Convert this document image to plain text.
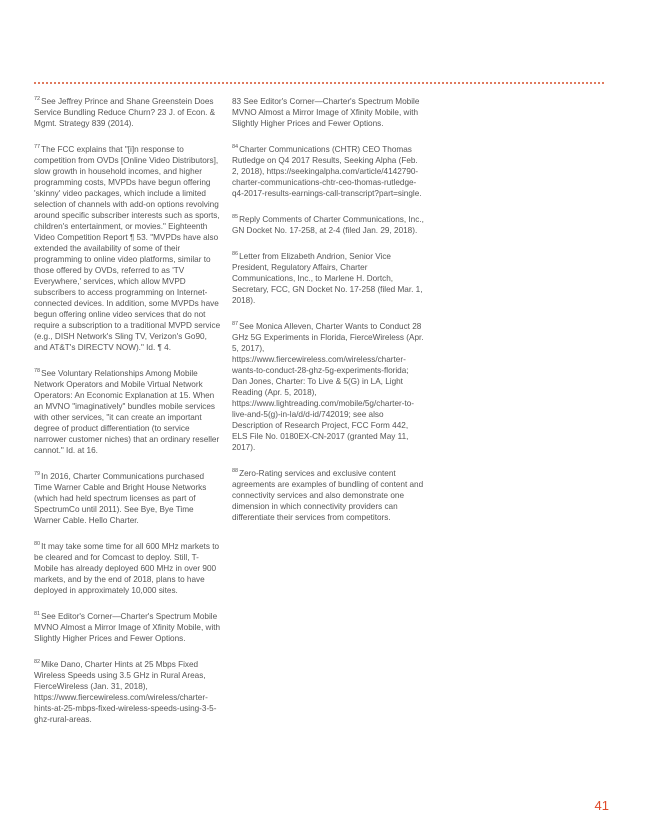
$^{72}$See Jeffrey Prince and Shane Greenstein Does Service Bundling Reduce Churn? 23 J. of Econ. & Mgmt. Strategy 839 (2014).

$^{77}$The FCC explains that "[i]n response to competition from OVDs [Online Video Distributors], slow growth in household incomes, and higher programming costs, MVPDs have begun offering 'skinny' video packages, which include a limited selection of channels with add-on options revolving around specific subscriber interests such as sports, children's entertainment, or movies." Eighteenth Video Competition Report ¶ 53. "MVPDs have also extended the availability of some of their programming to online video platforms, similar to those offered by OVDs, referred to as 'TV Everywhere,' services, which allow MVPD subscribers to access programming on Internet-connected devices. In addition, some MVPDs have begun offering online video services that do not require a subscription to a traditional MVPD service (e.g., DISH Network's Sling TV, Verizon's Go90, and AT&T's DIRECTV NOW)." Id. ¶ 4.

$^{78}$See Voluntary Relationships Among Mobile Network Operators and Mobile Virtual Network Operators: An Economic Explanation at 15. When an MVNO "imaginatively" bundles mobile services with other services, "it can create an important degree of product differentiation (to service narrower customer niches) that an ordinary reseller cannot." Id. at 16.

$^{79}$In 2016, Charter Communications purchased Time Warner Cable and Bright House Networks (which had held spectrum licenses as part of SpectrumCo until 2011). See Bye, Bye Time Warner Cable. Hello Charter.

$^{80}$It may take some time for all 600 MHz markets to be cleared and for Comcast to deploy. Still, T-Mobile has already deployed 600 MHz in over 900 markets, and by the end of 2018, plans to have deployed in approximately 10,000 sites.

$^{81}$See Editor's Corner—Charter's Spectrum Mobile MVNO Almost a Mirror Image of Xfinity Mobile, with Slightly Higher Prices and Fewer Options.

$^{82}$Mike Dano, Charter Hints at 25 Mbps Fixed Wireless Speeds using 3.5 GHz in Rural Areas, FierceWireless (Jan. 31, 2018), https://www.fiercewireless.com/wireless/charter-hints-at-25-mbps-fixed-wireless-speeds-using-3-5-ghz-rural-areas.

83 See Editor's Corner—Charter's Spectrum Mobile MVNO Almost a Mirror Image of Xfinity Mobile, with Slightly Higher Prices and Fewer Options.

$^{84}$Charter Communications (CHTR) CEO Thomas Rutledge on Q4 2017 Results, Seeking Alpha (Feb. 2, 2018), https://seekingalpha.com/article/4142790-charter-communications-chtr-ceo-thomas-rutledge-q4-2017-results-earnings-call-transcript?part=single.

$^{85}$Reply Comments of Charter Communications, Inc., GN Docket No. 17-258, at 2-4 (filed Jan. 29, 2018).

$^{86}$Letter from Elizabeth Andrion, Senior Vice President, Regulatory Affairs, Charter Communications, Inc., to Marlene H. Dortch, Secretary, FCC, GN Docket No. 17-258 (filed Mar. 1, 2018).

$^{87}$See Monica Alleven, Charter Wants to Conduct 28 GHz 5G Experiments in Florida, FierceWireless (Apr. 5, 2017), https://www.fiercewireless.com/wireless/charter-wants-to-conduct-28-ghz-5g-experiments-florida; Dan Jones, Charter: To Live & 5(G) in LA, Light Reading (Apr. 5, 2018), https://www.lightreading.com/mobile/5g/charter-to-live-and-5(g)-in-la/d/d-id/742019; see also Description of Research Project, FCC Form 442, ELS File No. 0180EX-CN-2017 (granted May 11, 2017).

$^{88}$Zero-Rating services and exclusive content agreements are examples of bundling of content and connectivity services and also demonstrate one dimension in which connectivity providers can differentiate their services from competitors.

41
